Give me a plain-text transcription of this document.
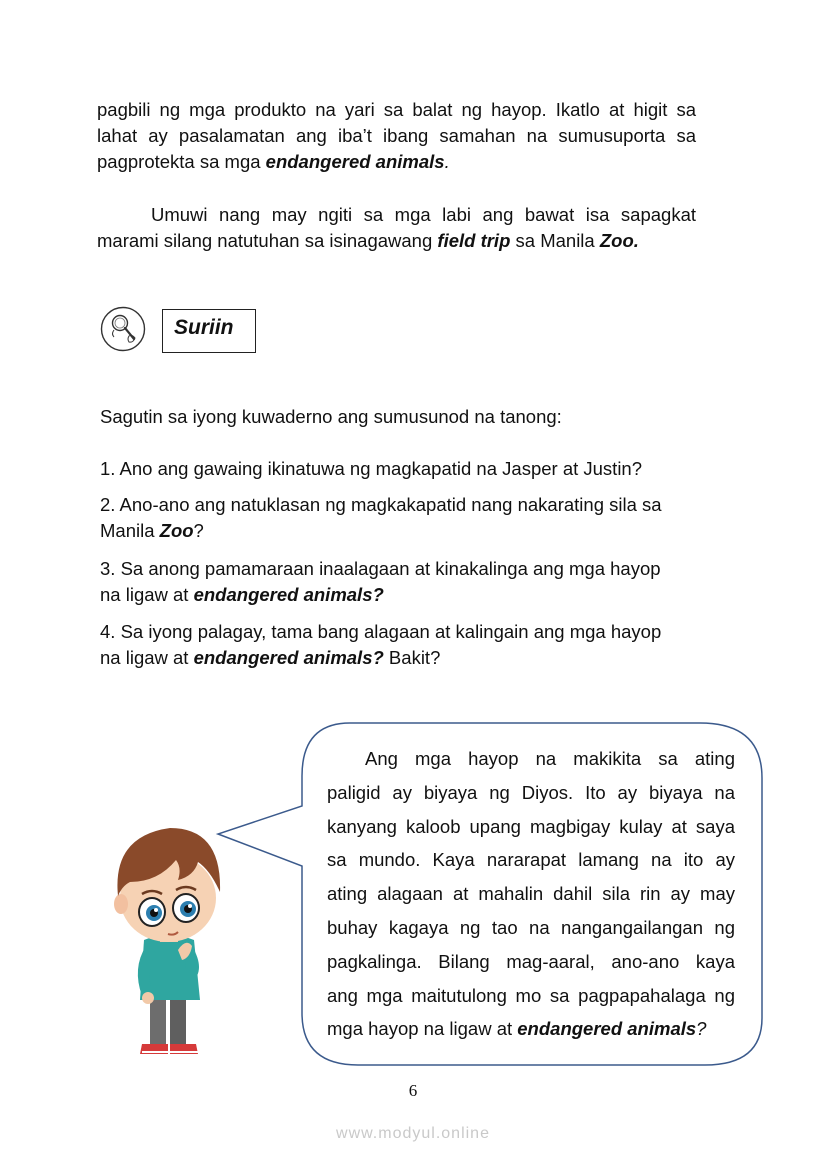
pagbili ng mga produkto na yari sa balat ng hayop. Ikatlo at higit sa
lahat ay pasalamatan ang iba’t ibang samahan na sumusuporta sa
pagprotekta sa mga endangered animals.

Umuwi nang may ngiti sa mga labi ang bawat isa sapagkat
marami silang natutuhan sa isinagawang field trip sa Manila Zoo.

Suriin

Sagutin sa iyong kuwaderno ang sumusunod na tanong:

1. Ano ang gawaing ikinatuwa ng magkapatid na Jasper at Justin?

2. Ano-ano ang natuklasan ng magkakapatid nang nakarating sila sa
Manila Zoo?

3. Sa anong pamamaraan inaalagaan at kinakalinga ang mga hayop
na ligaw at endangered animals?

4. Sa iyong palagay, tama bang alagaan at kalingain ang mga hayop
na ligaw at endangered animals? Bakit?

Ang mga hayop na makikita sa ating
paligid ay biyaya ng Diyos. Ito ay biyaya na
kanyang kaloob upang magbigay kulay at saya
sa mundo. Kaya nararapat lamang na ito ay
ating alagaan at mahalin dahil sila rin ay may
buhay kagaya ng tao na nangangailangan ng
pagkalinga. Bilang mag-aaral, ano-ano kaya
ang mga maitutulong mo sa pagpapahalaga ng
mga hayop na ligaw at endangered animals?

6
www.modyul.online
